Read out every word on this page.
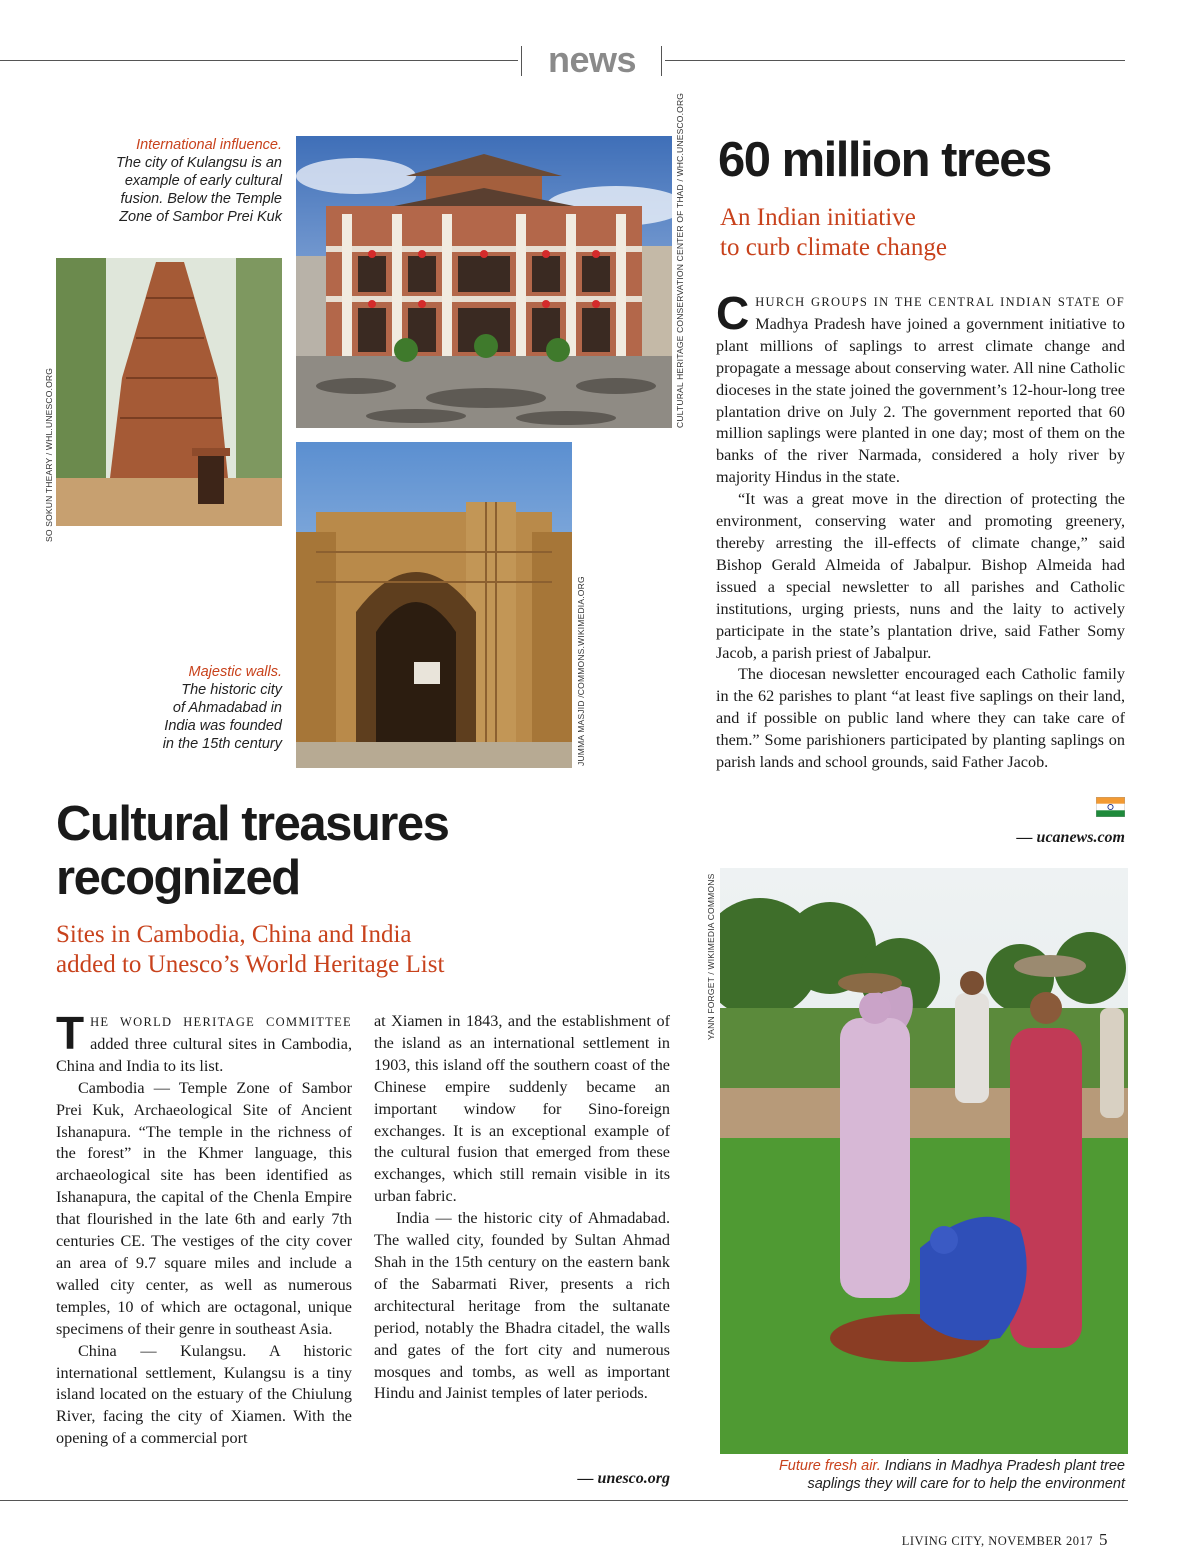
news
International influence.
The city of Kulangsu is an
example of early cultural
fusion. Below the Temple
Zone of Sambor Prei Kuk	CULTURAL HERITAGE CONSERVATION CENTER OF THAD / WHC.UNESCO.ORG
SO SOKUN THEARY / WHL.UNESCO.ORG
JUMMA MASJID /COMMONS.WIKIMEDIA.ORG
Majestic walls.
The historic city
of Ahmadabad in
India was founded
in the 15th century
60 million trees
An Indian initiative
to curb climate change

CHURCH GROUPS IN THE CENTRAL INDIAN STATE OF Madhya Pradesh have joined a government initiative to plant millions of saplings to arrest climate change and propagate a message about conserving water. All nine Catholic dioceses in the state joined the government’s 12-hour-long tree plantation drive on July 2. The government reported that 60 million saplings were planted in one day; most of them on the banks of the river Narmada, considered a holy river by majority Hindus in the state.

“It was a great move in the direction of protecting the environment, conserving water and promoting greenery, thereby arresting the ill-effects of climate change,” said Bishop Gerald Almeida of Jabalpur. Bishop Almeida had issued a special newsletter to all parishes and Catholic institutions, urging priests, nuns and the laity to actively participate in the state’s plantation drive, said Father Somy Jacob, a parish priest of Jabalpur.

The diocesan newsletter encouraged each Catholic family in the 62 parishes to plant “at least five saplings on their land, and if possible on public land where they can take care of them.” Some parishioners participated by planting saplings on parish lands and school grounds, said Father Jacob.

— ucanews.com
Cultural treasures
recognized
Sites in Cambodia, China and India
added to Unesco’s World Heritage List

THE WORLD HERITAGE COMMITTEE added three cultural sites in Cambodia, China and India to its list.

Cambodia — Temple Zone of Sambor Prei Kuk, Archaeological Site of Ancient Ishanapura. “The temple in the richness of the forest” in the Khmer language, this archaeological site has been identified as Ishanapura, the capital of the Chenla Empire that flourished in the late 6th and early 7th centuries CE. The vestiges of the city cover an area of 9.7 square miles and include a walled city center, as well as numerous temples, 10 of which are octagonal, unique specimens of their genre in southeast Asia.

China — Kulangsu. A historic international settlement, Kulangsu is a tiny island located on the estuary of the Chiulung River, facing the city of Xiamen. With the opening of a commercial port

at Xiamen in 1843, and the establishment of the island as an international settlement in 1903, this island off the southern coast of the Chinese empire suddenly became an important window for Sino-foreign exchanges. It is an exceptional example of the cultural fusion that emerged from these exchanges, which still remain visible in its urban fabric.

India — the historic city of Ahmadabad. The walled city, founded by Sultan Ahmad Shah in the 15th century on the eastern bank of the Sabarmati River, presents a rich architectural heritage from the sultanate period, notably the Bhadra citadel, the walls and gates of the fort city and numerous mosques and tombs, as well as important Hindu and Jainist temples of later periods.

— unesco.org
YANN FORGET / WIKIMEDIA COMMONS
Future fresh air. Indians in Madhya Pradesh plant tree
saplings they will care for to help the environment
LIVING CITY, NOVEMBER 2017 5
